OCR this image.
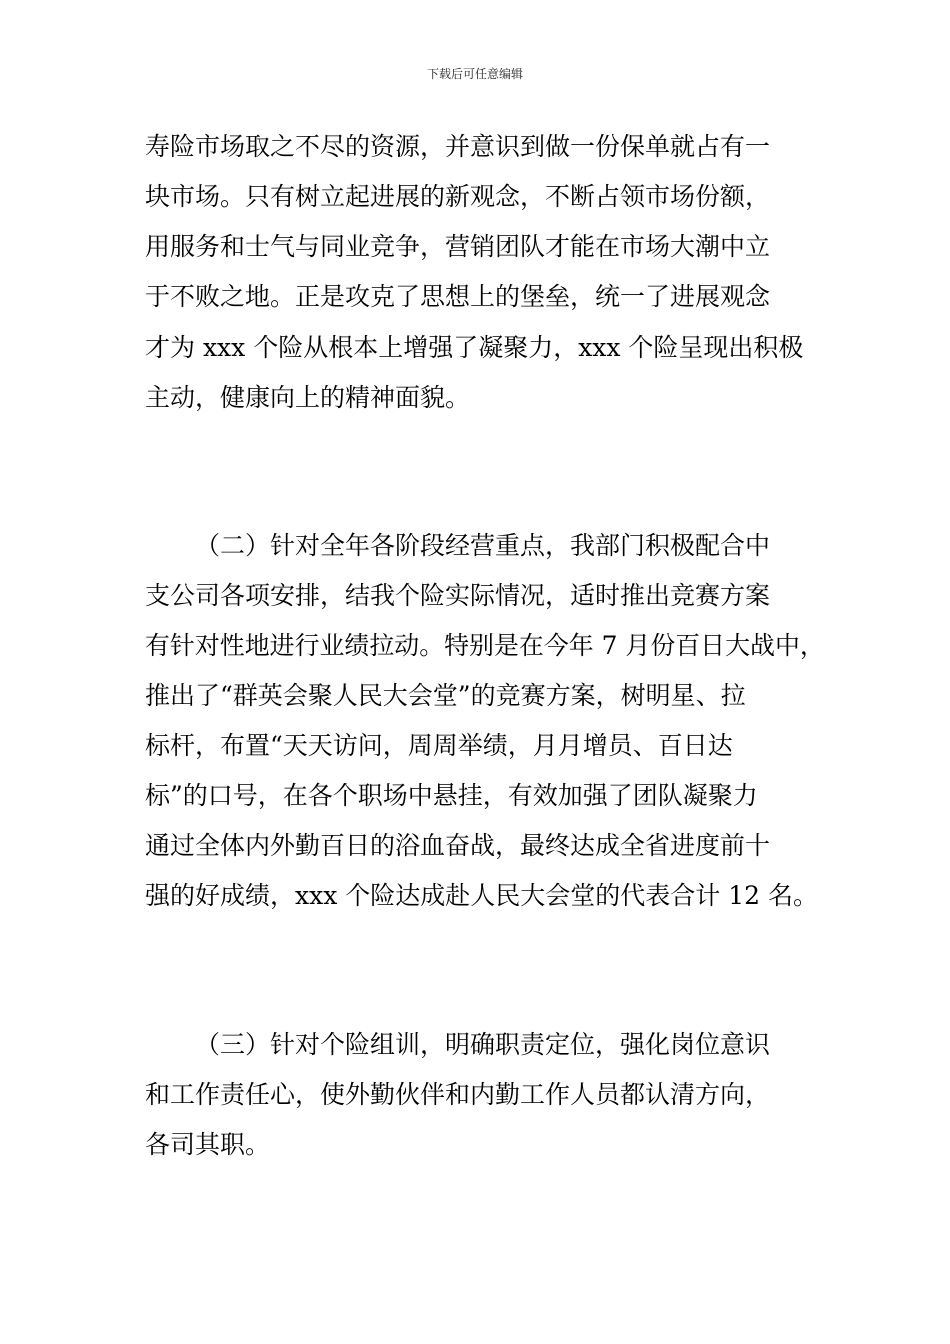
下载后可任意编辑
寿险市场取之不尽的资源，并意识到做一份保单就占有一
块市场。只有树立起进展的新观念，不断占领市场份额，
用服务和士气与同业竞争，营销团队才能在市场大潮中立
于不败之地。正是攻克了思想上的堡垒，统一了进展观念
才为 xxx 个险从根本上增强了凝聚力，xxx 个险呈现出积极
主动，健康向上的精神面貌。
（二）针对全年各阶段经营重点，我部门积极配合中
支公司各项安排，结我个险实际情况，适时推出竞赛方案
有针对性地进行业绩拉动。特别是在今年 7 月份百日大战中，
推出了“群英会聚人民大会堂”的竞赛方案，树明星、拉
标杆，布置“天天访问，周周举绩，月月增员、百日达
标”的口号，在各个职场中悬挂，有效加强了团队凝聚力
通过全体内外勤百日的浴血奋战，最终达成全省进度前十
强的好成绩，xxx 个险达成赴人民大会堂的代表合计 12 名。
（三）针对个险组训，明确职责定位，强化岗位意识
和工作责任心，使外勤伙伴和内勤工作人员都认清方向，
各司其职。
